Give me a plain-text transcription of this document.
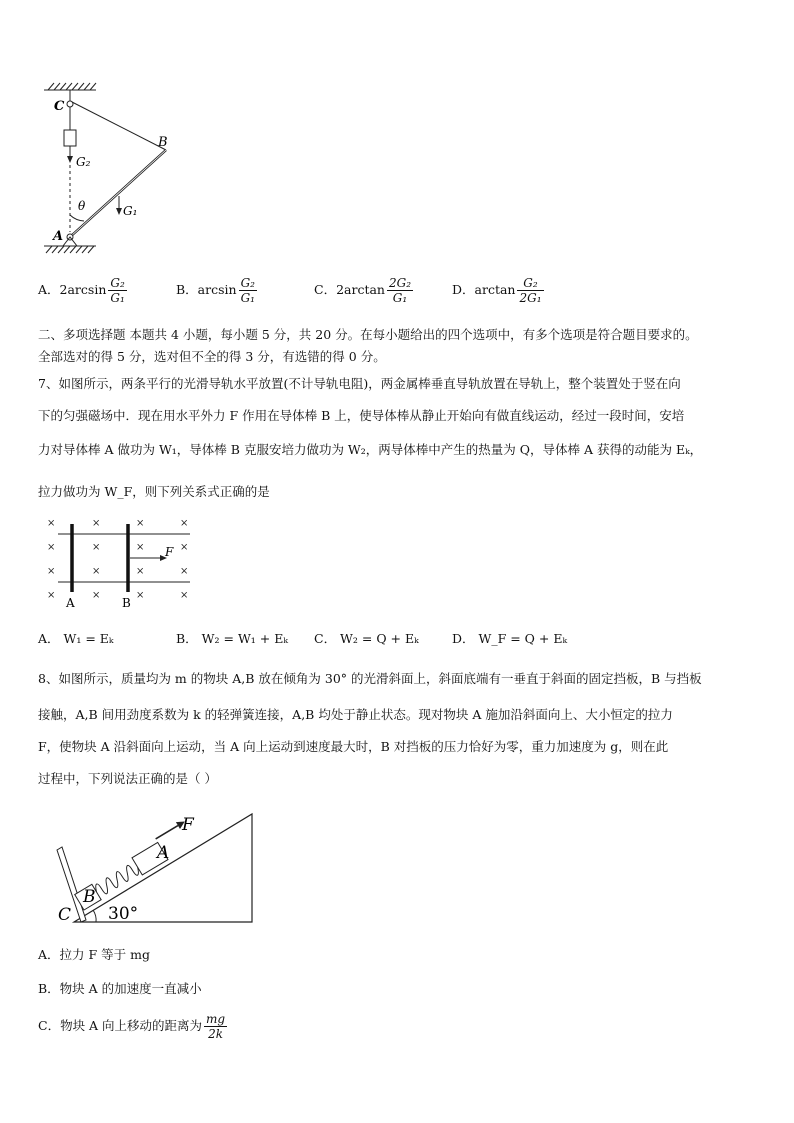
C
B
A
G₂
G₁
θ
A．$2\arcsin \frac{\text{G₂}}{\text{G₁}}$	B．$\arcsin \frac{\text{G₂}}{\text{G₁}}$	C．$2\arctan \frac{\text{2G₂}}{\text{G₁}}$	D．$\arctan \frac{\text{G₂}}{\text{2G₁}}$
二、多项选择题 本题共 4 小题，每小题 5 分，共 20 分。在每小题给出的四个选项中，有多个选项是符合题目要求的。
全部选对的得 5 分，选对但不全的得 3 分，有选错的得 0 分。
7、如图所示，两条平行的光滑导轨水平放置(不计导轨电阻)，两金属棒垂直导轨放置在导轨上，整个装置处于竖在向
下的匀强磁场中．现在用水平外力 F 作用在导体棒 B 上，使导体棒从静止开始向有做直线运动，经过一段时间，安培
力对导体棒 A 做功为 W₁，导体棒 B 克服安培力做功为 W₂，两导体棒中产生的热量为 Q，导体棒 A 获得的动能为 Eₖ，
拉力做功为 W_F，则下列关系式正确的是
×	×	×	×
×	×	×	×
×	×	×	×
×	×	×	×
F
A	B
A． W₁ = Eₖ	B． W₂ = W₁ + Eₖ C． W₂ = Q + Eₖ	D． W_F = Q + Eₖ
8、如图所示，质量均为 m 的物块 A,B 放在倾角为 30° 的光滑斜面上，斜面底端有一垂直于斜面的固定挡板，B 与挡板
接触，A,B 间用劲度系数为 k 的轻弹簧连接，A,B 均处于静止状态。现对物块 A 施加沿斜面向上、大小恒定的拉力
F，使物块 A 沿斜面向上运动，当 A 向上运动到速度最大时，B 对挡板的压力恰好为零，重力加速度为 g，则在此
过程中，下列说法正确的是（ ）
F
A
B
C 30°
A．拉力 F 等于 mg
B．物块 A 的加速度一直减小
C．物块 A 向上移动的距离为 $\frac{mg}{2k}$
